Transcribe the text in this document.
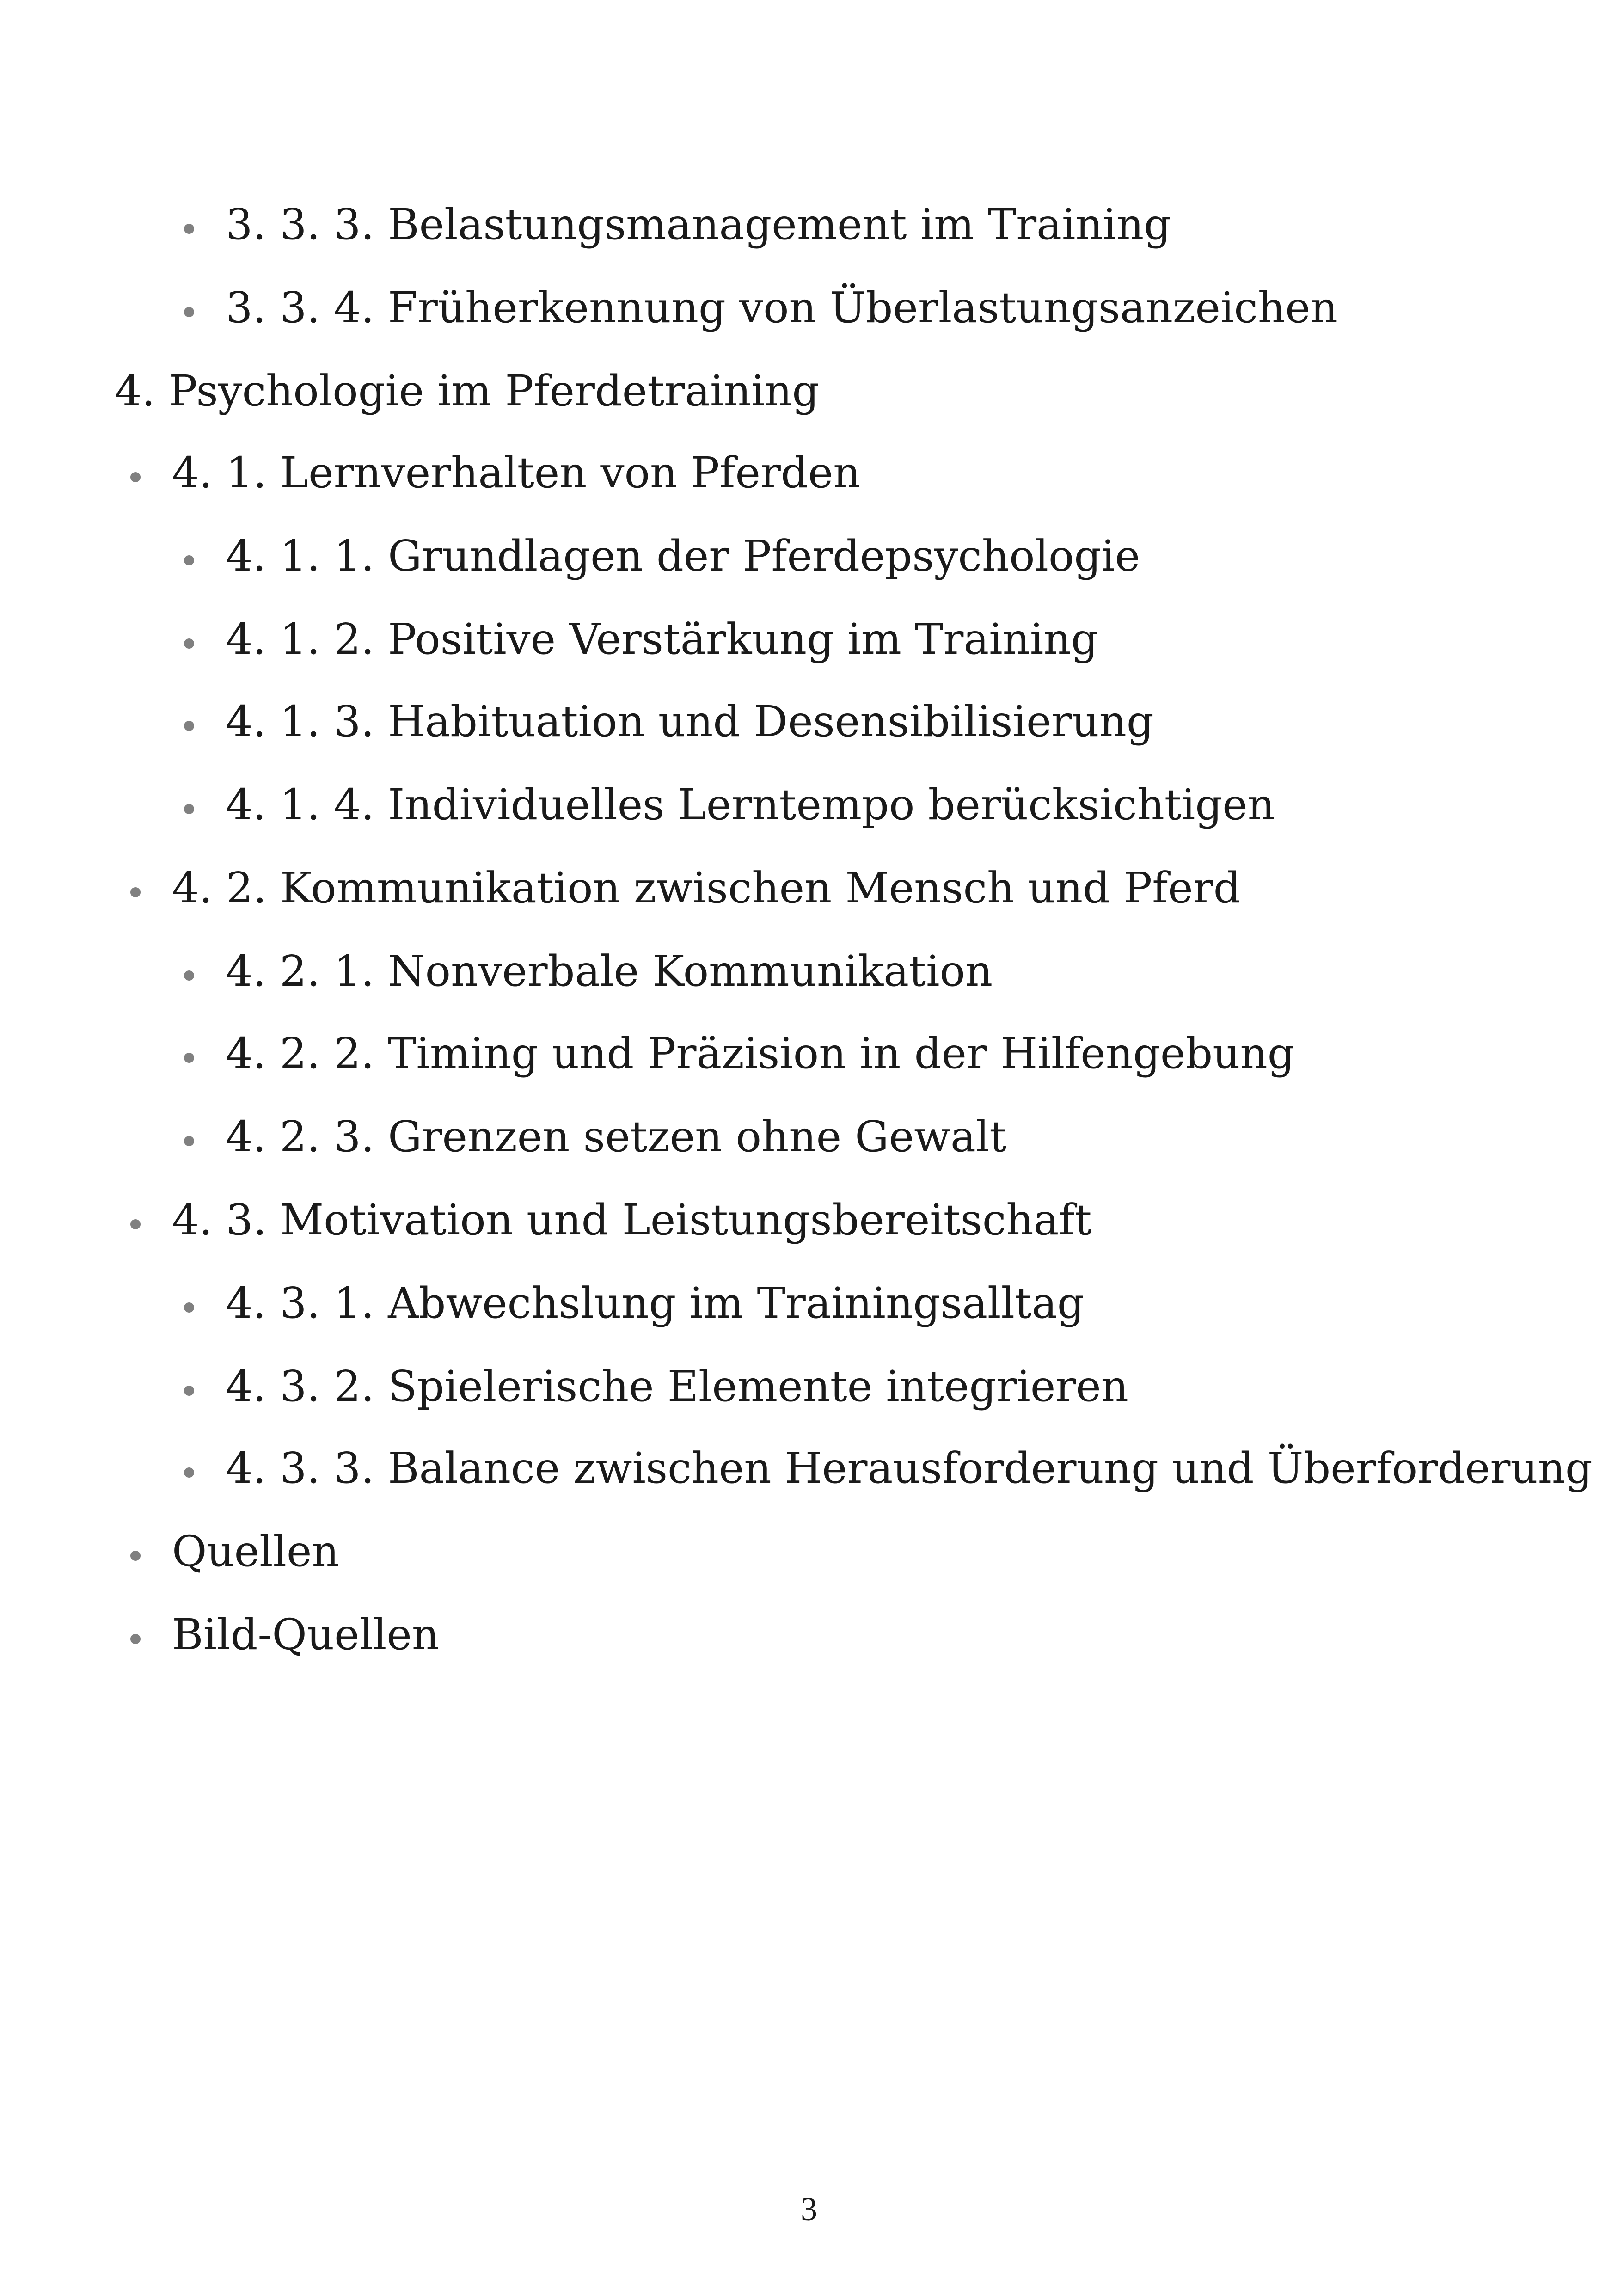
3. 3. 3. Belastungsmanagement im Training
3. 3. 4. Früherkennung von Überlastungsanzeichen
4. Psychologie im Pferdetraining
4. 1. Lernverhalten von Pferden
4. 1. 1. Grundlagen der Pferdepsychologie
4. 1. 2. Positive Verstärkung im Training
4. 1. 3. Habituation und Desensibilisierung
4. 1. 4. Individuelles Lerntempo berücksichtigen
4. 2. Kommunikation zwischen Mensch und Pferd
4. 2. 1. Nonverbale Kommunikation
4. 2. 2. Timing und Präzision in der Hilfengebung
4. 2. 3. Grenzen setzen ohne Gewalt
4. 3. Motivation und Leistungsbereitschaft
4. 3. 1. Abwechslung im Trainingsalltag
4. 3. 2. Spielerische Elemente integrieren
4. 3. 3. Balance zwischen Herausforderung und Überforderung
Quellen
Bild-Quellen
3
